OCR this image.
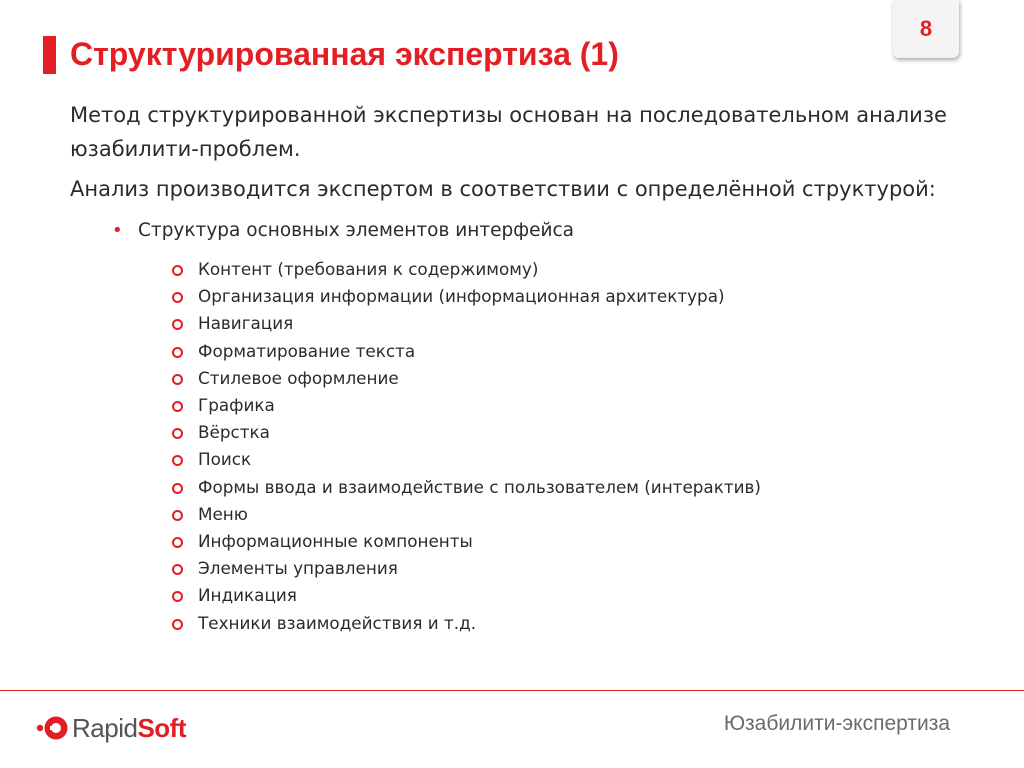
Структурированная экспертиза (1)
8

Метод структурированной экспертизы основан на последовательном анализе юзабилити-проблем.

Анализ производится экспертом в соответствии с определённой структурой:

• Структура основных элементов интерфейса
Контент (требования к содержимому)
Организация информации (информационная архитектура)
Навигация
Форматирование текста
Стилевое оформление
Графика
Вёрстка
Поиск
Формы ввода и взаимодействие с пользователем (интерактив)
Меню
Информационные компоненты
Элементы управления
Индикация
Техники взаимодействия и т.д.
RapidSoft	Юзабилити-экспертиза
